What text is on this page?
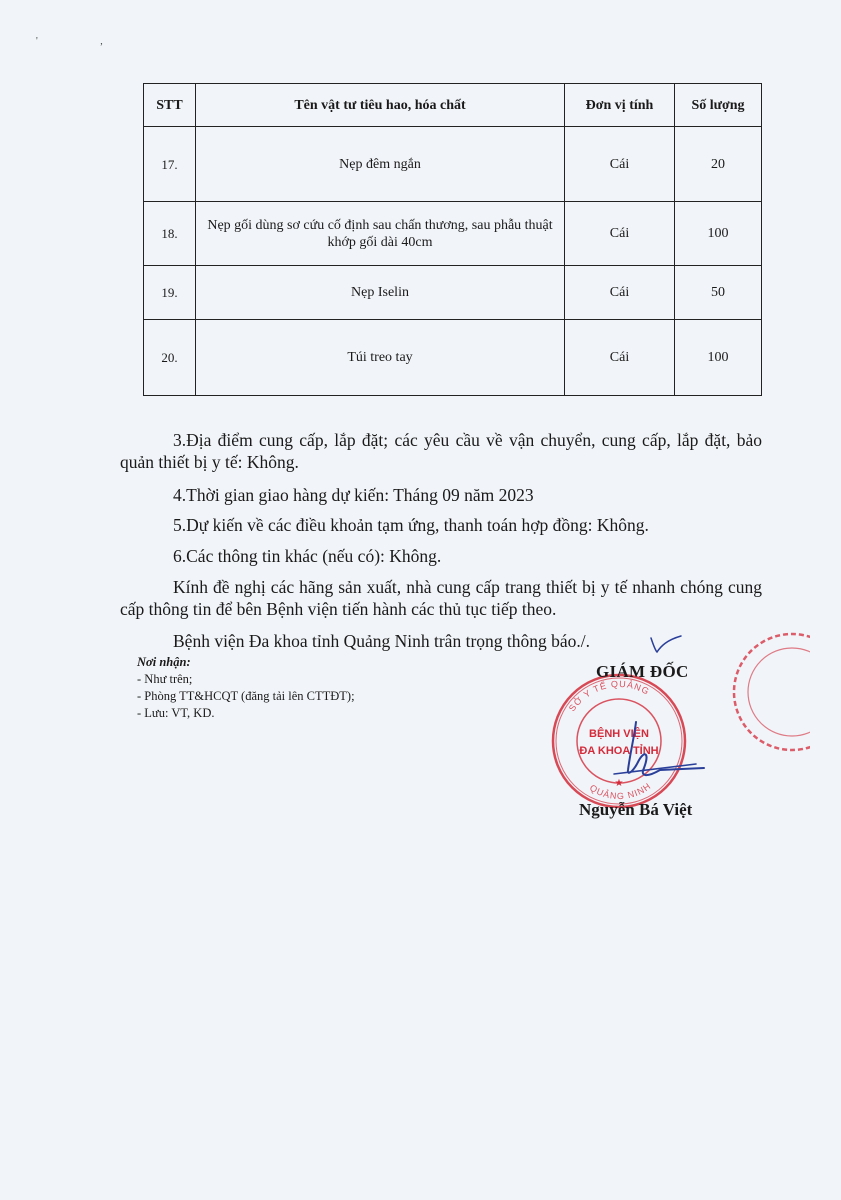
' ,
STT	Tên vật tư tiêu hao, hóa chất	Đơn vị tính	Số lượng
17.	Nẹp đêm ngắn	Cái	20
18.	Nẹp gối dùng sơ cứu cố định sau chấn thương, sau phẫu thuật khớp gối dài 40cm	Cái	100
19.	Nẹp Iselin	Cái	50
20.	Túi treo tay	Cái	100
3.Địa điểm cung cấp, lắp đặt; các yêu cầu về vận chuyển, cung cấp, lắp đặt, bảo quản thiết bị y tế: Không.
4.Thời gian giao hàng dự kiến: Tháng 09 năm 2023
5.Dự kiến về các điều khoản tạm ứng, thanh toán hợp đồng: Không.
6.Các thông tin khác (nếu có): Không.
Kính đề nghị các hãng sản xuất, nhà cung cấp trang thiết bị y tế nhanh chóng cung cấp thông tin để bên Bệnh viện tiến hành các thủ tục tiếp theo.
Bệnh viện Đa khoa tỉnh Quảng Ninh trân trọng thông báo./.
Nơi nhận:
- Như trên;
- Phòng TT&HCQT (đăng tải lên CTTĐT);
- Lưu: VT, KD.	SỞ Y TẾ QUẢNG
QUẢNG NINH
BỆNH VIỆN
ĐA KHOA TỈNH
★
GIÁM ĐỐC
Nguyễn Bá Việt
